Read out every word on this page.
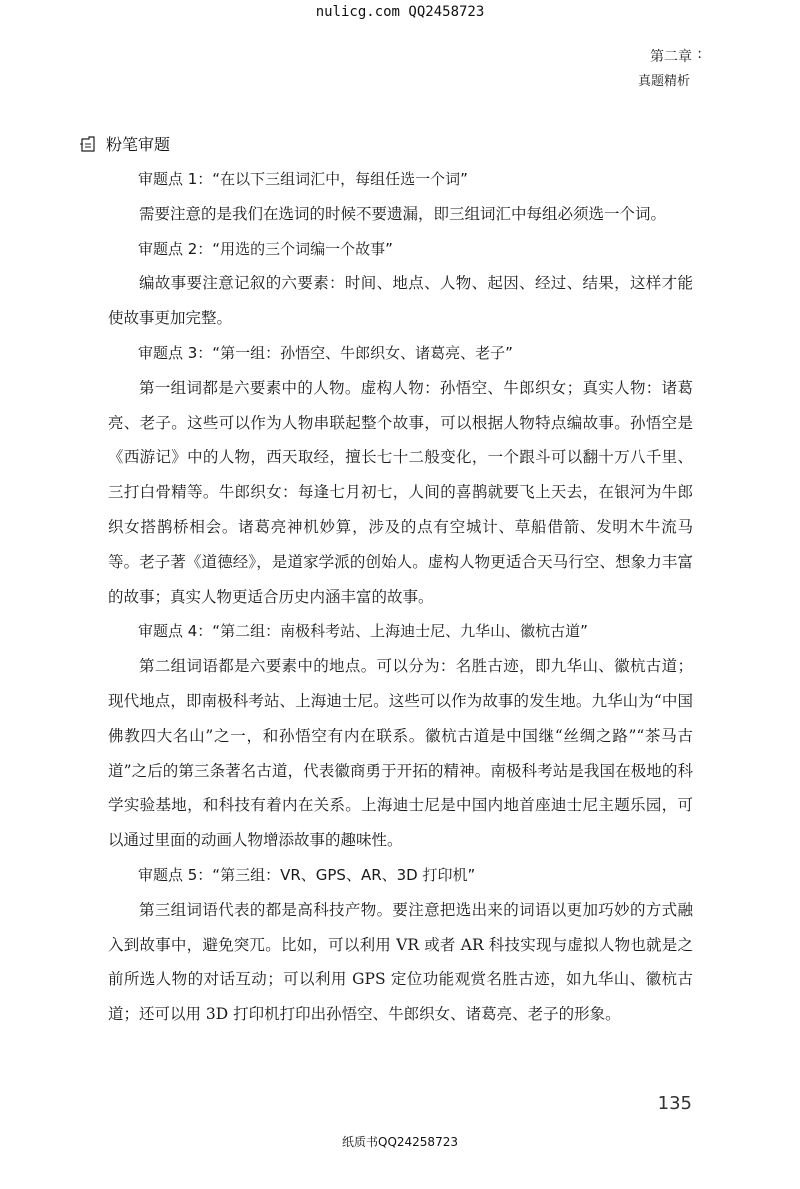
nulicg.com QQ2458723
第二章 :
真题精析
粉笔审题

审题点 1：“在以下三组词汇中，每组任选一个词”

需要注意的是我们在选词的时候不要遗漏，即三组词汇中每组必须选一个词。

审题点 2：“用选的三个词编一个故事”

编故事要注意记叙的六要素：时间、地点、人物、起因、经过、结果，这样才能使故事更加完整。

审题点 3：“第一组：孙悟空、牛郎织女、诸葛亮、老子”

第一组词都是六要素中的人物。虚构人物：孙悟空、牛郎织女；真实人物：诸葛亮、老子。这些可以作为人物串联起整个故事，可以根据人物特点编故事。孙悟空是《西游记》中的人物，西天取经，擅长七十二般变化，一个跟斗可以翻十万八千里、三打白骨精等。牛郎织女：每逢七月初七，人间的喜鹊就要飞上天去，在银河为牛郎织女搭鹊桥相会。诸葛亮神机妙算，涉及的点有空城计、草船借箭、发明木牛流马等。老子著《道德经》，是道家学派的创始人。虚构人物更适合天马行空、想象力丰富的故事；真实人物更适合历史内涵丰富的故事。

审题点 4：“第二组：南极科考站、上海迪士尼、九华山、徽杭古道”

第二组词语都是六要素中的地点。可以分为：名胜古迹，即九华山、徽杭古道；现代地点，即南极科考站、上海迪士尼。这些可以作为故事的发生地。九华山为“中国佛教四大名山”之一，和孙悟空有内在联系。徽杭古道是中国继“丝绸之路”“茶马古道”之后的第三条著名古道，代表徽商勇于开拓的精神。南极科考站是我国在极地的科学实验基地，和科技有着内在关系。上海迪士尼是中国内地首座迪士尼主题乐园，可以通过里面的动画人物增添故事的趣味性。

审题点 5：“第三组：VR、GPS、AR、3D 打印机”

第三组词语代表的都是高科技产物。要注意把选出来的词语以更加巧妙的方式融入到故事中，避免突兀。比如，可以利用 VR 或者 AR 科技实现与虚拟人物也就是之前所选人物的对话互动；可以利用 GPS 定位功能观赏名胜古迹，如九华山、徽杭古道；还可以用 3D 打印机打印出孙悟空、牛郎织女、诸葛亮、老子的形象。

135
纸质书QQ24258723
